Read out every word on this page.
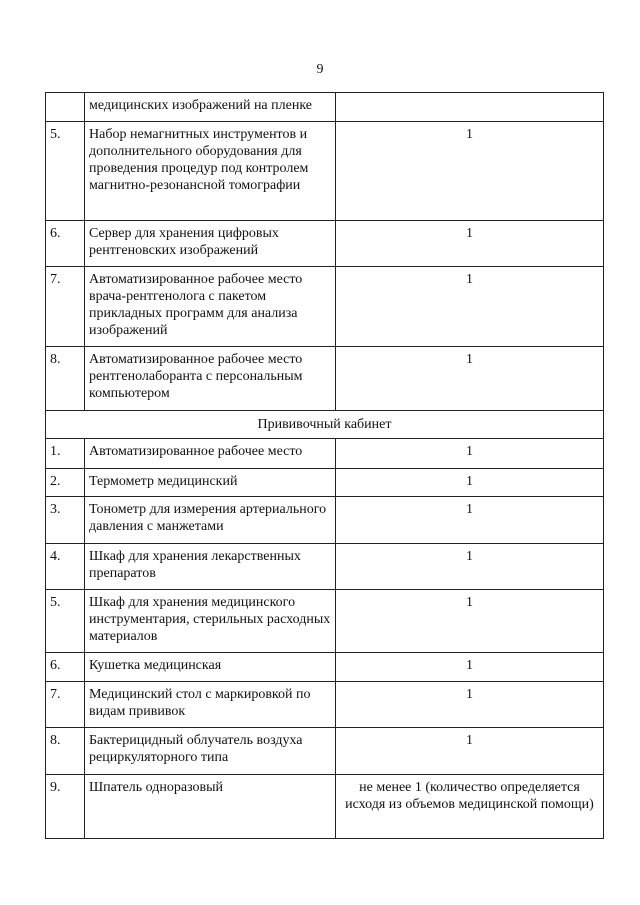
9
	медицинских изображений на пленке	
5.	Набор немагнитных инструментов и дополнительного оборудования для проведения процедур под контролем магнитно-резонансной томографии	1
6.	Сервер для хранения цифровых рентгеновских изображений	1
7.	Автоматизированное рабочее место врача-рентгенолога с пакетом прикладных программ для анализа изображений	1
8.	Автоматизированное рабочее место рентгенолаборанта с персональным компьютером	1
Прививочный кабинет		
1.	Автоматизированное рабочее место	1
2.	Термометр медицинский	1
3.	Тонометр для измерения артериального давления с манжетами	1
4.	Шкаф для хранения лекарственных препаратов	1
5.	Шкаф для хранения медицинского инструментария, стерильных расходных материалов	1
6.	Кушетка медицинская	1
7.	Медицинский стол с маркировкой по видам прививок	1
8.	Бактерицидный облучатель воздуха рециркуляторного типа	1
9.	Шпатель одноразовый	не менее 1 (количество определяется исходя из объемов медицинской помощи)
